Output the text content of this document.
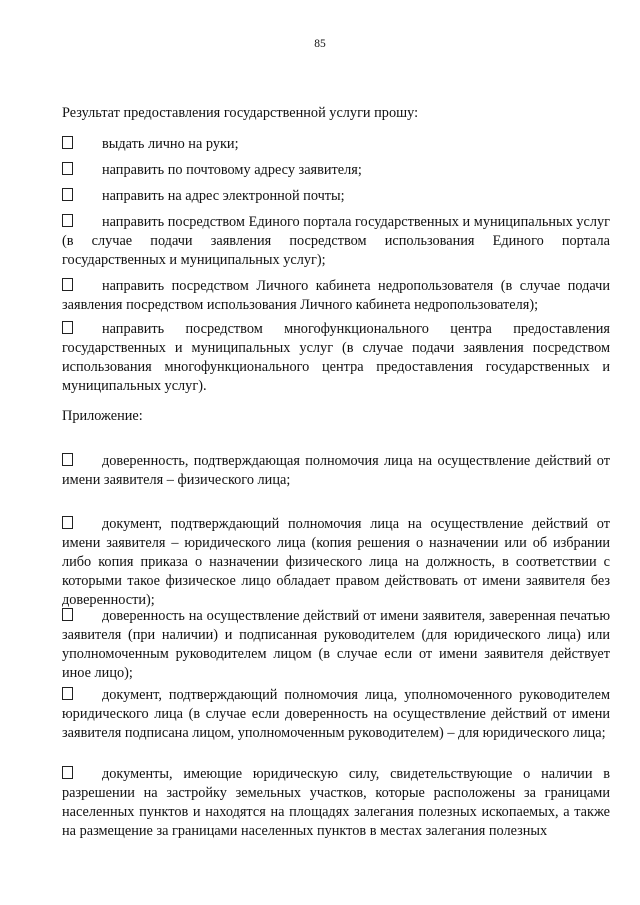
85

Результат предоставления государственной услуги прошу:

выдать лично на руки;

направить по почтовому адресу заявителя;

направить на адрес электронной почты;

направить посредством Единого портала государственных и муниципальных услуг (в случае подачи заявления посредством использования Единого портала государственных и муниципальных услуг);

направить посредством Личного кабинета недропользователя (в случае подачи заявления посредством использования Личного кабинета недропользователя);

направить посредством многофункционального центра предоставления государственных и муниципальных услуг (в случае подачи заявления посредством использования многофункционального центра предоставления государственных и муниципальных услуг).

Приложение:

доверенность, подтверждающая полномочия лица на осуществление действий от имени заявителя – физического лица;

документ, подтверждающий полномочия лица на осуществление действий от имени заявителя – юридического лица (копия решения о назначении или об избрании либо копия приказа о назначении физического лица на должность, в соответствии с которыми такое физическое лицо обладает правом действовать от имени заявителя без доверенности);

доверенность на осуществление действий от имени заявителя, заверенная печатью заявителя (при наличии) и подписанная руководителем (для юридического лица) или уполномоченным руководителем лицом (в случае если от имени заявителя действует иное лицо);

документ, подтверждающий полномочия лица, уполномоченного руководителем юридического лица (в случае если доверенность на осуществление действий от имени заявителя подписана лицом, уполномоченным руководителем) – для юридического лица;

документы, имеющие юридическую силу, свидетельствующие о наличии в разрешении на застройку земельных участков, которые расположены за границами населенных пунктов и находятся на площадях залегания полезных ископаемых, а также на размещение за границами населенных пунктов в местах залегания полезных
